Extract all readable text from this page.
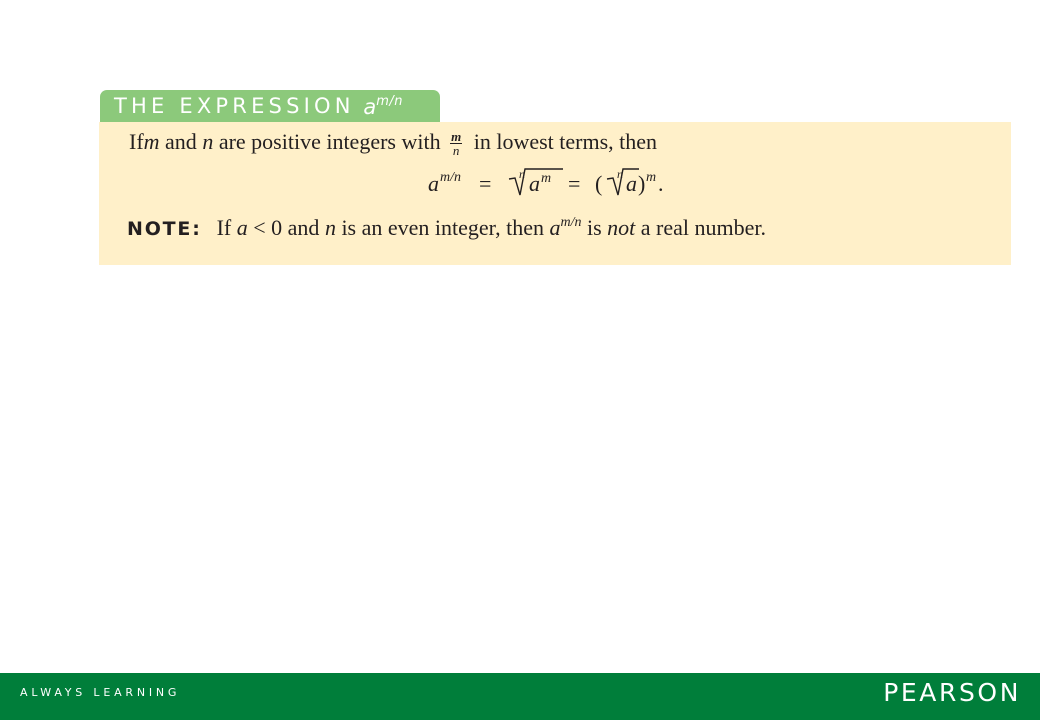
THE EXPRESSION $a^{m/n}$
If m and n are positive integers with $\frac{m}{n}$ in lowest terms, then
a m/n = n a m = ( n a ) m .
NOTE: If a < 0 and n is an even integer, then $a^{m/n}$ is not a real number.
ALWAYS LEARNING	PEARSON
